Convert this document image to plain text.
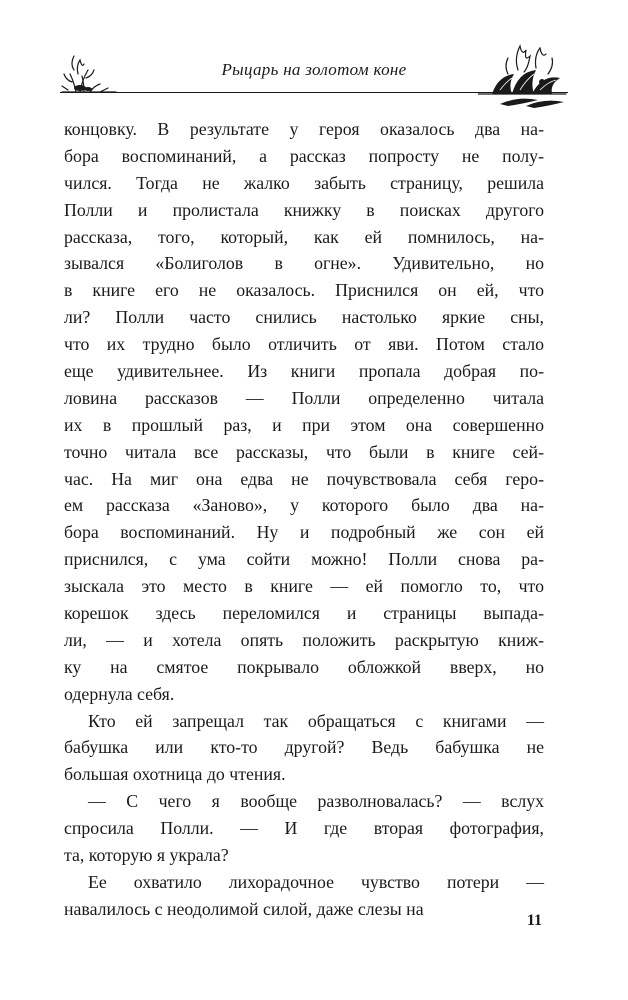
Рыцарь на золотом коне
концовку. В результате у героя оказалось два на-
бора воспоминаний, а рассказ попросту не полу-
чился. Тогда не жалко забыть страницу, решила
Полли и пролистала книжку в поисках другого
рассказа, того, который, как ей помнилось, на-
зывался «Болиголов в огне». Удивительно, но
в книге его не оказалось. Приснился он ей, что
ли? Полли часто снились настолько яркие сны,
что их трудно было отличить от яви. Потом стало
еще удивительнее. Из книги пропала добрая по-
ловина рассказов — Полли определенно читала
их в прошлый раз, и при этом она совершенно
точно читала все рассказы, что были в книге сей-
час. На миг она едва не почувствовала себя геро-
ем рассказа «Заново», у которого было два на-
бора воспоминаний. Ну и подробный же сон ей
приснился, с ума сойти можно! Полли снова ра-
зыскала это место в книге — ей помогло то, что
корешок здесь переломился и страницы выпада-
ли, — и хотела опять положить раскрытую книж-
ку на смятое покрывало обложкой вверх, но
одернула себя.
Кто ей запрещал так обращаться с книгами —
бабушка или кто-то другой? Ведь бабушка не
большая охотница до чтения.
— С чего я вообще разволновалась? — вслух
спросила Полли. — И где вторая фотография,
та, которую я украла?
Ее охватило лихорадочное чувство потери —
навалилось с неодолимой силой, даже слезы на
11
